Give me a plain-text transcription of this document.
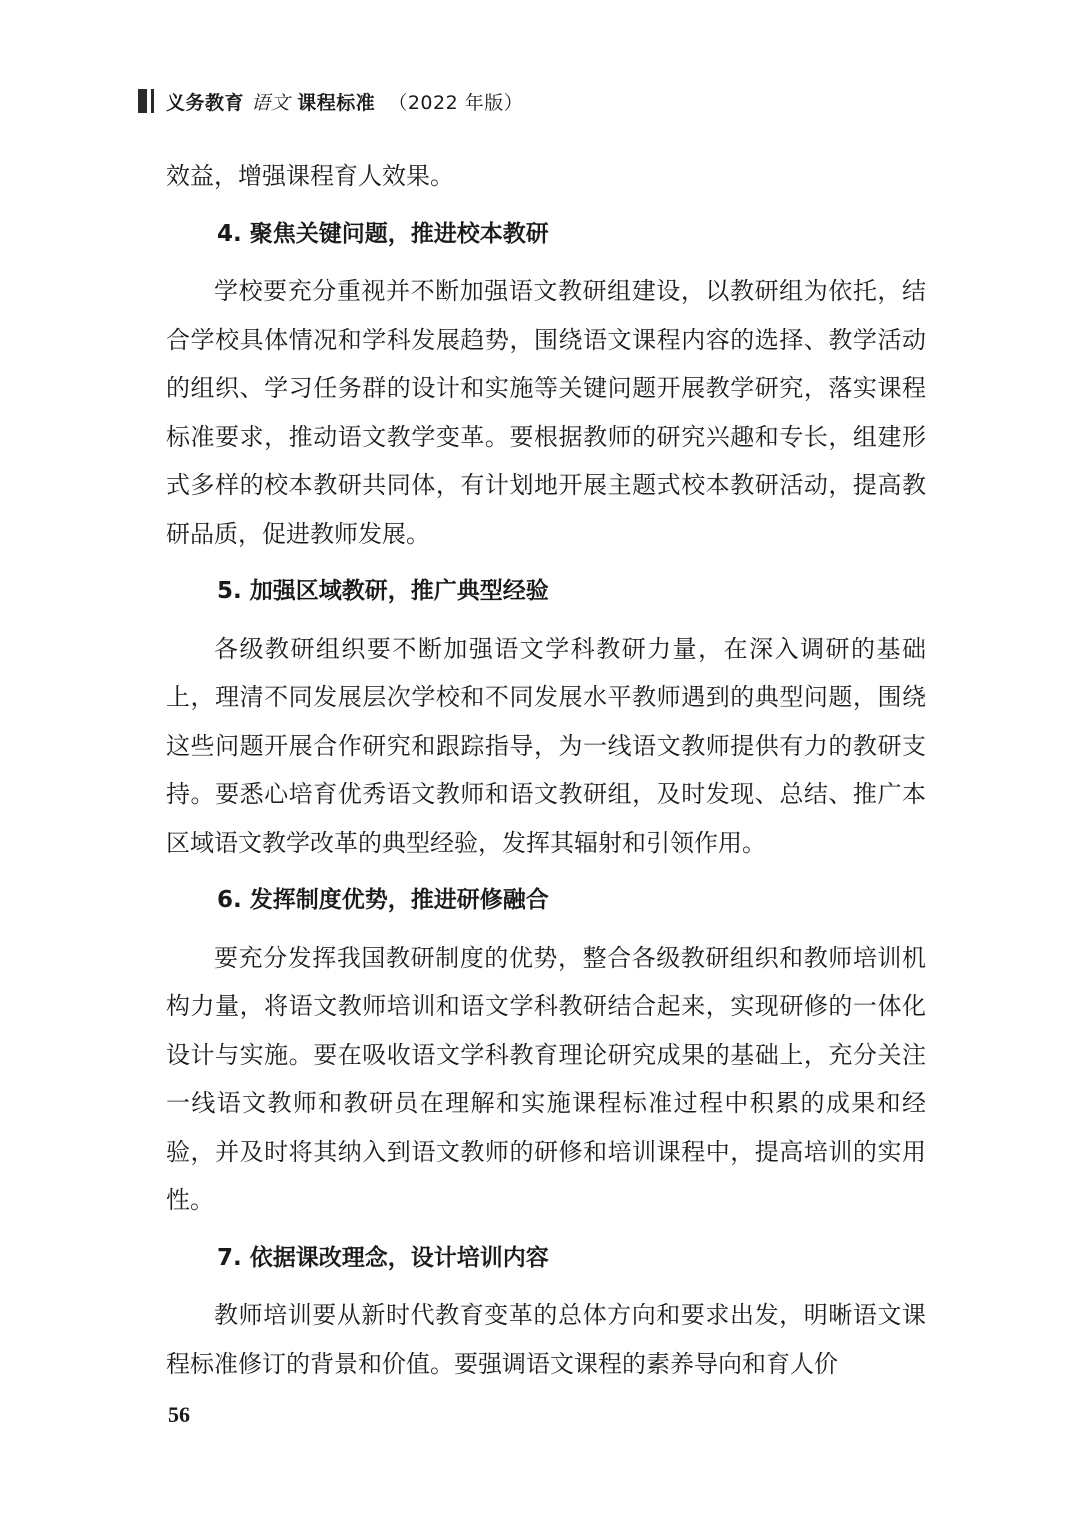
义务教育 语文 课程标准  （2022 年版）

效益，增强课程育人效果。

4. 聚焦关键问题，推进校本教研

学校要充分重视并不断加强语文教研组建设，以教研组为依托，结合学校具体情况和学科发展趋势，围绕语文课程内容的选择、教学活动的组织、学习任务群的设计和实施等关键问题开展教学研究，落实课程标准要求，推动语文教学变革。要根据教师的研究兴趣和专长，组建形式多样的校本教研共同体，有计划地开展主题式校本教研活动，提高教研品质，促进教师发展。

5. 加强区域教研，推广典型经验

各级教研组织要不断加强语文学科教研力量，在深入调研的基础上，理清不同发展层次学校和不同发展水平教师遇到的典型问题，围绕这些问题开展合作研究和跟踪指导，为一线语文教师提供有力的教研支持。要悉心培育优秀语文教师和语文教研组，及时发现、总结、推广本区域语文教学改革的典型经验，发挥其辐射和引领作用。

6. 发挥制度优势，推进研修融合

要充分发挥我国教研制度的优势，整合各级教研组织和教师培训机构力量，将语文教师培训和语文学科教研结合起来，实现研修的一体化设计与实施。要在吸收语文学科教育理论研究成果的基础上，充分关注一线语文教师和教研员在理解和实施课程标准过程中积累的成果和经验，并及时将其纳入到语文教师的研修和培训课程中，提高培训的实用性。

7. 依据课改理念，设计培训内容

教师培训要从新时代教育变革的总体方向和要求出发，明晰语文课程标准修订的背景和价值。要强调语文课程的素养导向和育人价

56
